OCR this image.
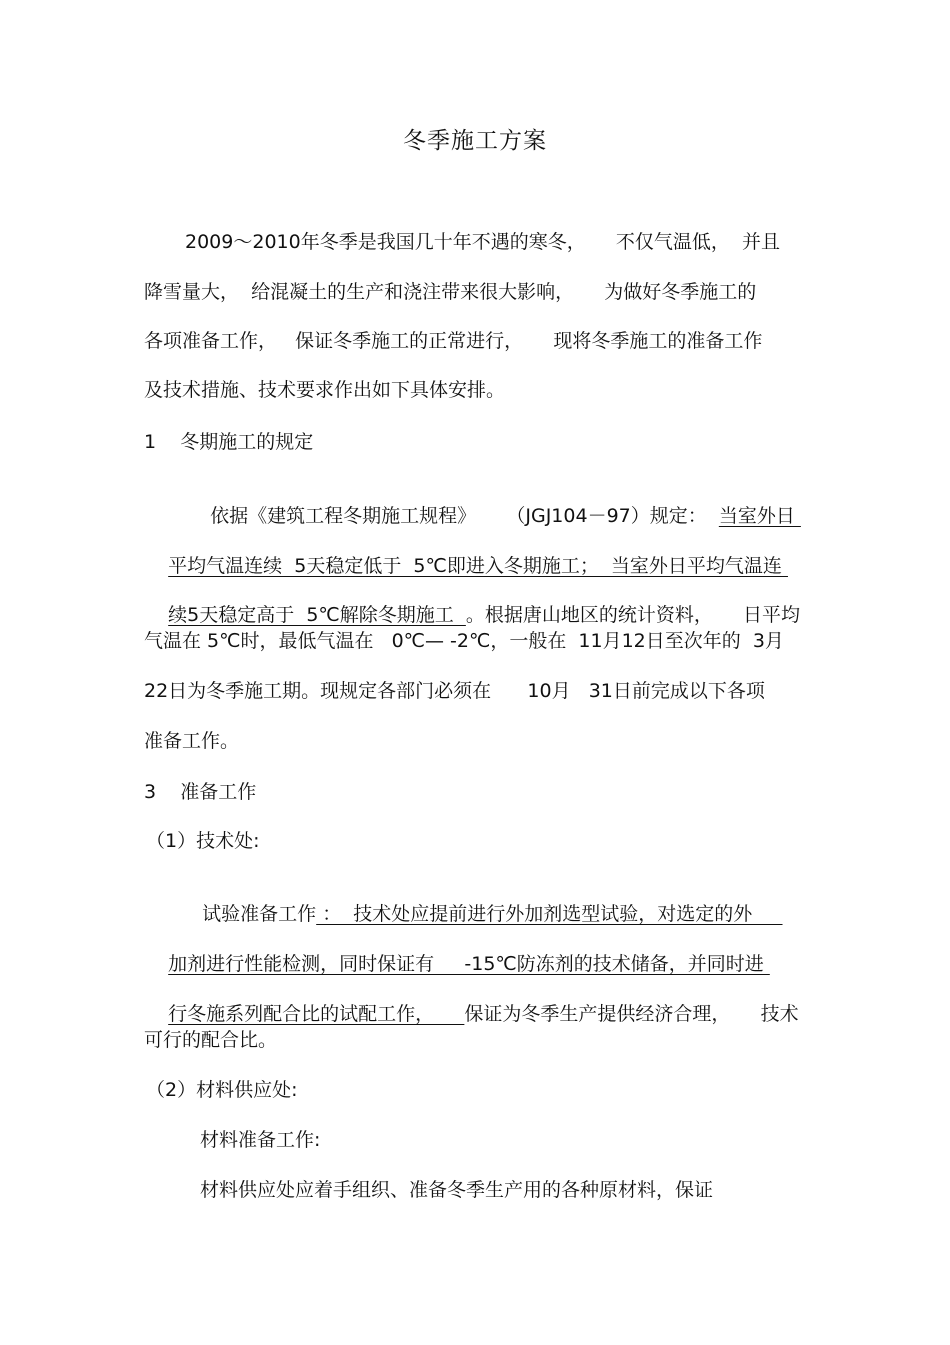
冬季施工方案
2009～2010年冬季是我国几十年不遇的寒冬，     不仅气温低，  并且
降雪量大，  给混凝土的生产和浇注带来很大影响，     为做好冬季施工的
各项准备工作，   保证冬季施工的正常进行，     现将冬季施工的准备工作
及技术措施、技术要求作出如下具体安排。
1    冬期施工的规定

依据《建筑工程冬期施工规程》     （JGJ104－97）规定：  当室外日

平均气温连续  5天稳定低于  5℃即进入冬期施工；  当室外日平均气温连

续5天稳定高于  5℃解除冬期施工  。根据唐山地区的统计资料，     日平均

气温在 5℃时，最低气温在   0℃— -2℃，一般在  11月12日至次年的  3月
22日为冬季施工期。现规定各部门必须在      10月   31日前完成以下各项
准备工作。
3    准备工作
（1）技术处:

试验准备工作 ：  技术处应提前进行外加剂选型试验，对选定的外

加剂进行性能检测，同时保证有     -15℃防冻剂的技术储备，并同时进

行冬施系列配合比的试配工作，     保证为冬季生产提供经济合理，     技术

可行的配合比。
（2）材料供应处:
材料准备工作:
材料供应处应着手组织、准备冬季生产用的各种原材料，保证
